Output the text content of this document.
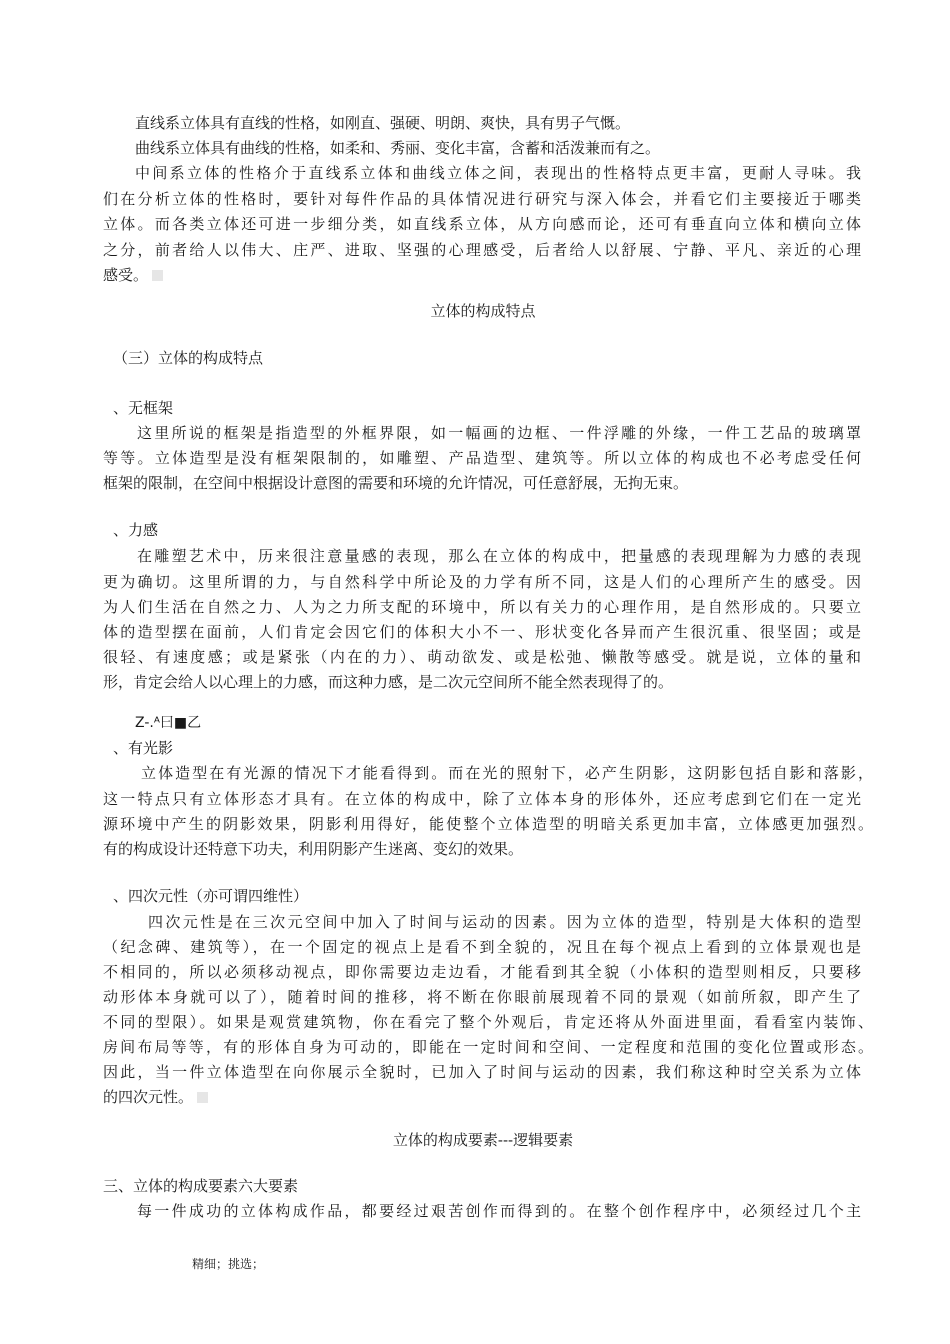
直线系立体具有直线的性格，如刚直、强硬、明朗、爽快，具有男子气慨。
曲线系立体具有曲线的性格，如柔和、秀丽、变化丰富，含蓄和活泼兼而有之。
中间系立体的性格介于直线系立体和曲线立体之间，表现出的性格特点更丰富，更耐人寻味。我
们在分析立体的性格时，要针对每件作品的具体情况进行研究与深入体会，并看它们主要接近于哪类
立体。而各类立体还可进一步细分类，如直线系立体，从方向感而论，还可有垂直向立体和横向立体
之分，前者给人以伟大、庄严、进取、坚强的心理感受，后者给人以舒展、宁静、平凡、亲近的心理
感受。
立体的构成特点
（三）立体的构成特点
、无框架
这里所说的框架是指造型的外框界限，如一幅画的边框、一件浮雕的外缘，一件工艺品的玻璃罩
等等。立体造型是没有框架限制的，如雕塑、产品造型、建筑等。所以立体的构成也不必考虑受任何
框架的限制，在空间中根据设计意图的需要和环境的允许情况，可任意舒展，无拘无束。
、力感
在雕塑艺术中，历来很注意量感的表现，那么在立体的构成中，把量感的表现理解为力感的表现
更为确切。这里所谓的力，与自然科学中所论及的力学有所不同，这是人们的心理所产生的感受。因
为人们生活在自然之力、人为之力所支配的环境中，所以有关力的心理作用，是自然形成的。只要立
体的造型摆在面前，人们肯定会因它们的体积大小不一、形状变化各异而产生很沉重、很坚固；或是
很轻、有速度感；或是紧张（内在的力）、萌动欲发、或是松弛、懒散等感受。就是说，立体的量和
形，肯定会给人以心理上的力感，而这种力感，是二次元空间所不能全然表现得了的。
Z-.ᴬ曰■乙
、有光影
立体造型在有光源的情况下才能看得到。而在光的照射下，必产生阴影，这阴影包括自影和落影，
这一特点只有立体形态才具有。在立体的构成中，除了立体本身的形体外，还应考虑到它们在一定光
源环境中产生的阴影效果，阴影利用得好，能使整个立体造型的明暗关系更加丰富，立体感更加强烈。
有的构成设计还特意下功夫，利用阴影产生迷离、变幻的效果。
、四次元性（亦可谓四维性）
四次元性是在三次元空间中加入了时间与运动的因素。因为立体的造型，特别是大体积的造型
（纪念碑、建筑等），在一个固定的视点上是看不到全貌的，况且在每个视点上看到的立体景观也是
不相同的，所以必须移动视点，即你需要边走边看，才能看到其全貌（小体积的造型则相反，只要移
动形体本身就可以了），随着时间的推移，将不断在你眼前展现着不同的景观（如前所叙，即产生了
不同的型限）。如果是观赏建筑物，你在看完了整个外观后，肯定还将从外面进里面，看看室内装饰、
房间布局等等，有的形体自身为可动的，即能在一定时间和空间、一定程度和范围的变化位置或形态。
因此，当一件立体造型在向你展示全貌时，已加入了时间与运动的因素，我们称这种时空关系为立体
的四次元性。
立体的构成要素---逻辑要素
三、立体的构成要素六大要素
每一件成功的立体构成作品，都要经过艰苦创作而得到的。在整个创作程序中，必须经过几个主
精细；挑选；
